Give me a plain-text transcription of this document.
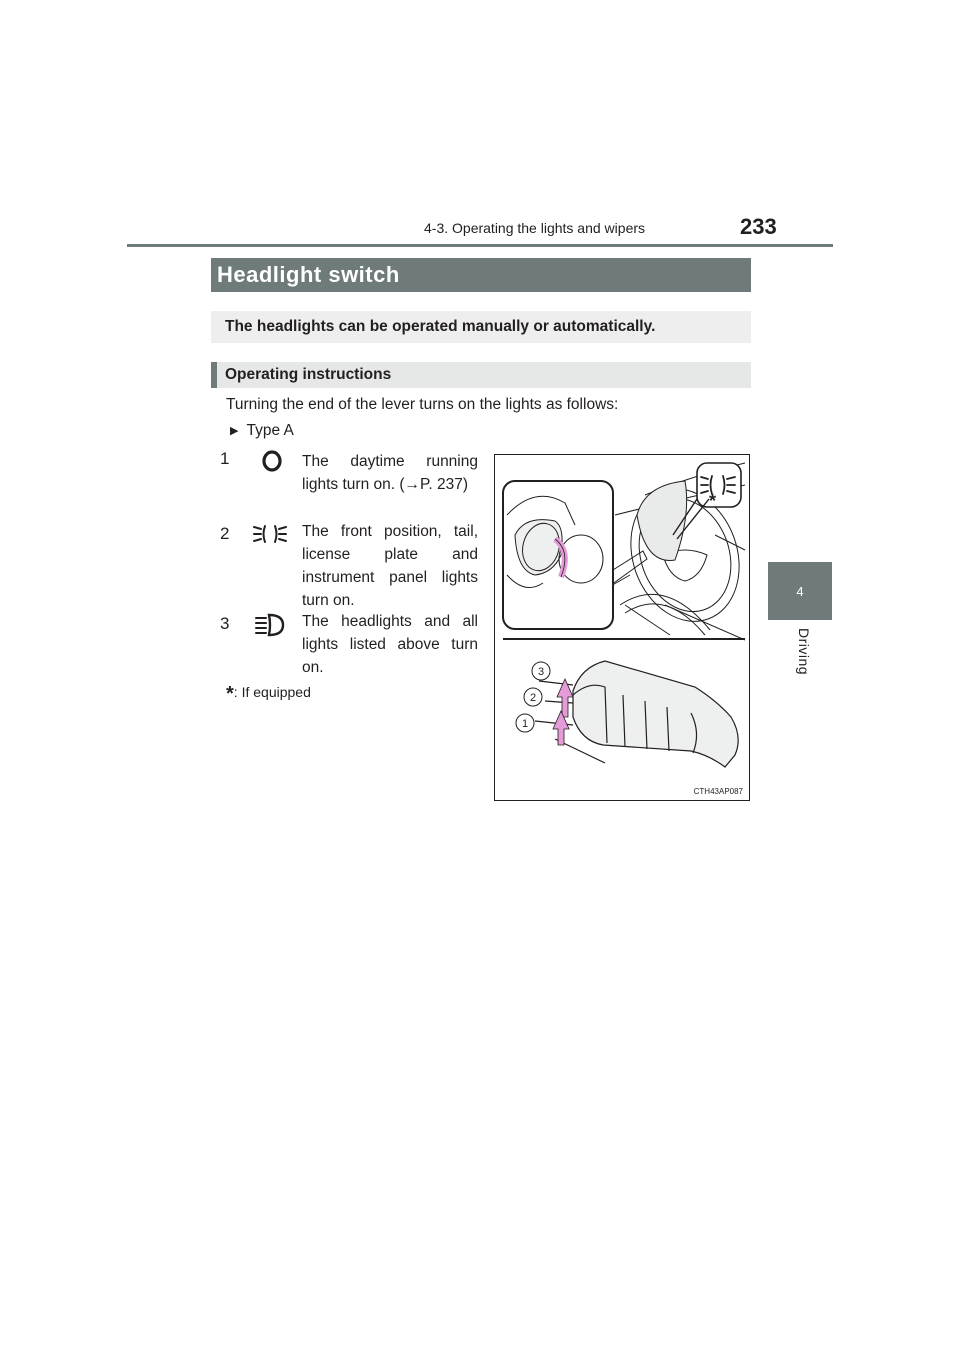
4-3. Operating the lights and wipers	233
4
Driving
Headlight switch
The headlights can be operated manually or automatically.
Operating instructions
Turning the end of the lever turns on the lights as follows:
▶ Type A
1	The daytime running lights turn on. (→P. 237)
2	The front position, tail, license plate and instrument panel lights turn on.
3	The headlights and all lights listed above turn on.
*: If equipped
*
3
2
1
CTH43AP087
